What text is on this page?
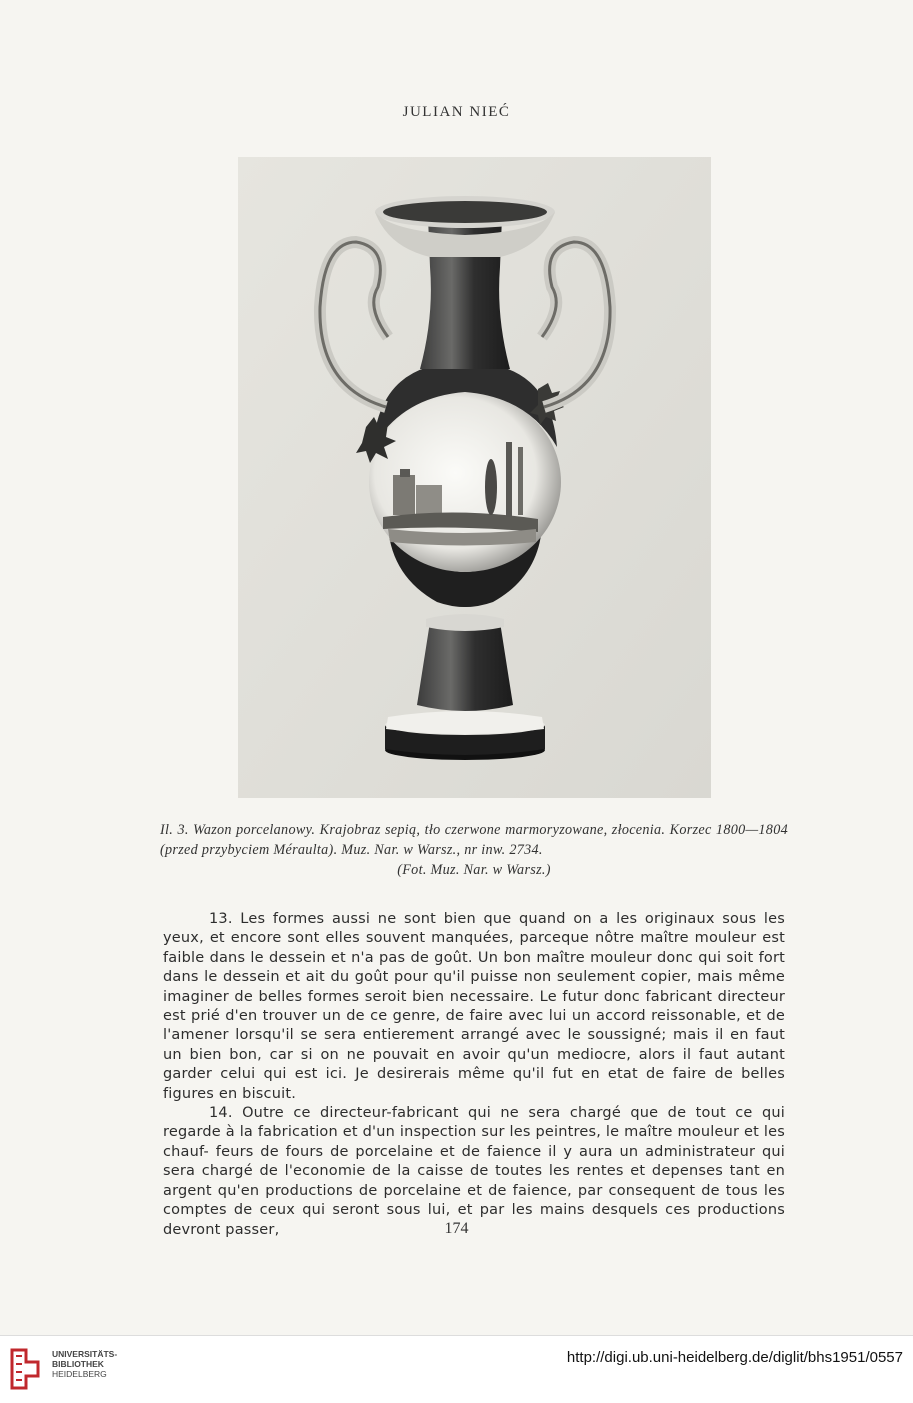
JULIAN NIEĆ
Il. 3. Wazon porcelanowy. Krajobraz sepią, tło czerwone marmoryzowane, złocenia. Korzec 1800—1804 (przed przybyciem Méraulta). Muz. Nar. w Warsz., nr inw. 2734.
(Fot. Muz. Nar. w Warsz.)

13. Les formes aussi ne sont bien que quand on a les originaux sous les yeux, et encore sont elles souvent manquées, parceque nôtre maître mouleur est faible dans le dessein et n'a pas de goût. Un bon maître mouleur donc qui soit fort dans le dessein et ait du goût pour qu'il puisse non seulement copier, mais même imaginer de belles formes seroit bien necessaire. Le futur donc fabricant directeur est prié d'en trouver un de ce genre, de faire avec lui un accord reissonable, et de l'amener lorsqu'il se sera entierement arrangé avec le soussigné; mais il en faut un bien bon, car si on ne pouvait en avoir qu'un mediocre, alors il faut autant garder celui qui est ici. Je desirerais même qu'il fut en etat de faire de belles figures en biscuit.

14. Outre ce directeur-fabricant qui ne sera chargé que de tout ce qui regarde à la fabrication et d'un inspection sur les peintres, le maître mouleur et les chauf- feurs de fours de porcelaine et de faience il y aura un administrateur qui sera chargé de l'economie de la caisse de toutes les rentes et depenses tant en argent qu'en productions de porcelaine et de faience, par consequent de tous les comptes de ceux qui seront sous lui, et par les mains desquels ces productions devront passer,	174
UNIVERSITÄTS-
BIBLIOTHEK
HEIDELBERG
http://digi.ub.uni-heidelberg.de/diglit/bhs1951/0557
